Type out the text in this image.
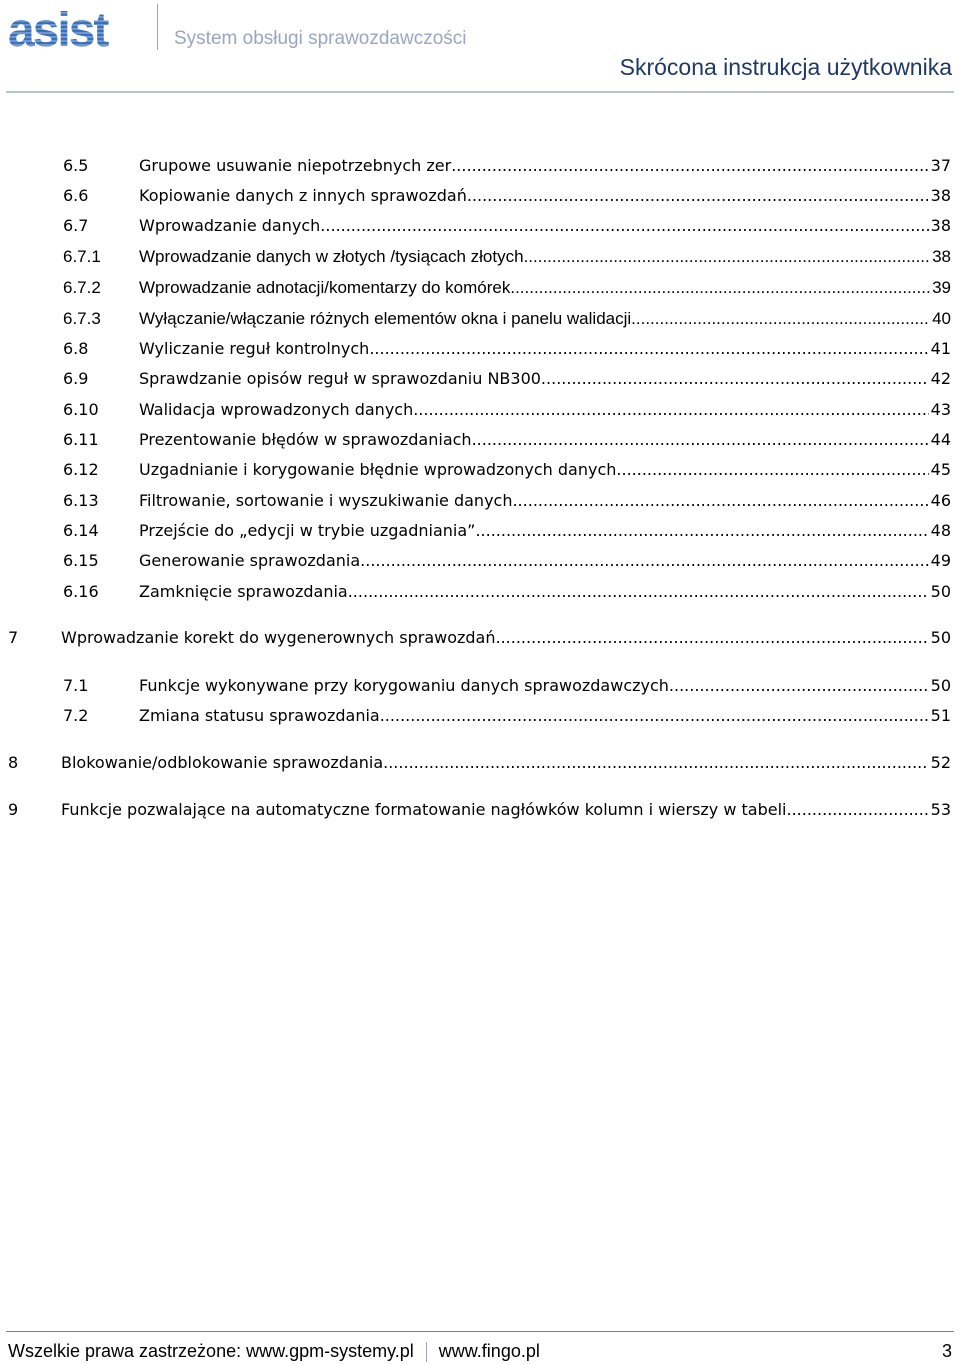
asist	System obsługi sprawozdawczości
Skrócona instrukcja użytkownika
6.5	Grupowe usuwanie niepotrzebnych zer .....	37
6.6	Kopiowanie danych z innych sprawozdań .....	38
6.7	Wprowadzanie danych .....	38
6.7.1	Wprowadzanie danych w złotych /tysiącach złotych .....	38
6.7.2	Wprowadzanie adnotacji/komentarzy do komórek .....	39
6.7.3	Wyłączanie/włączanie różnych elementów okna i panelu walidacji .....	40
6.8	Wyliczanie reguł kontrolnych .....	41
6.9	Sprawdzanie opisów reguł w sprawozdaniu NB300. .....	42
6.10	Walidacja wprowadzonych danych .....	43
6.11	Prezentowanie błędów w sprawozdaniach .....	44
6.12	Uzgadnianie i korygowanie błędnie wprowadzonych danych .....	45
6.13	Filtrowanie, sortowanie i wyszukiwanie danych .....	46
6.14	Przejście do „edycji w trybie uzgadniania” .....	48
6.15	Generowanie sprawozdania .....	49
6.16	Zamknięcie sprawozdania .....	50
7	Wprowadzanie korekt do wygenerownych sprawozdań .....	50
7.1	Funkcje wykonywane przy korygowaniu danych sprawozdawczych .....	50
7.2	Zmiana statusu sprawozdania .....	51
8	Blokowanie/odblokowanie sprawozdania. .....	52
9	Funkcje pozwalające na automatyczne formatowanie nagłówków kolumn i wierszy w tabeli .....	53
Wszelkie prawa zastrzeżone: www.gpm-systemy.pl www.fingo.pl	3
